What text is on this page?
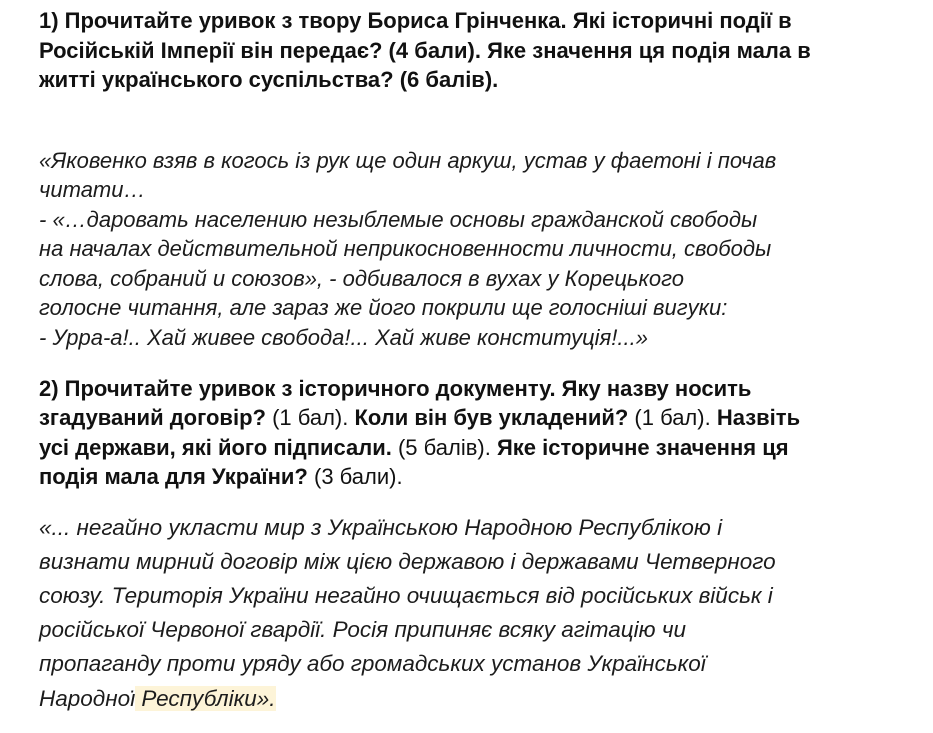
1) Прочитайте уривок з твору Бориса Грінченка. Які історичні події в
Російській Імперії він передає? (4 бали). Яке значення ця подія мала в
житті українського суспільства? (6 балів).
«Яковенко взяв в когось із рук ще один аркуш, устав у фаетоні і почав
читати…
- «…даровать населению незыблемые основы гражданской свободы
на началах действительной неприкосновенности личности, свободы
слова, собраний и союзов», - одбивалося в вухах у Корецького
голосне читання, але зараз же його покрили ще голосніші вигуки:
- Урра-а!.. Хай живее свобода!... Хай живе конституція!...»
2) Прочитайте уривок з історичного документу. Яку назву носить
згадуваний договір? (1 бал). Коли він був укладений? (1 бал). Назвіть
усі держави, які його підписали. (5 балів). Яке історичне значення ця
подія мала для України? (3 бали).
«... негайно укласти мир з Українською Народною Республікою і
визнати мирний договір між цією державою і державами Четверного
союзу. Територія України негайно очищається від російських військ і
російської Червоної гвардії. Росія припиняє всяку агітацію чи
пропаганду проти уряду або громадських установ Української
Народної Республіки».
